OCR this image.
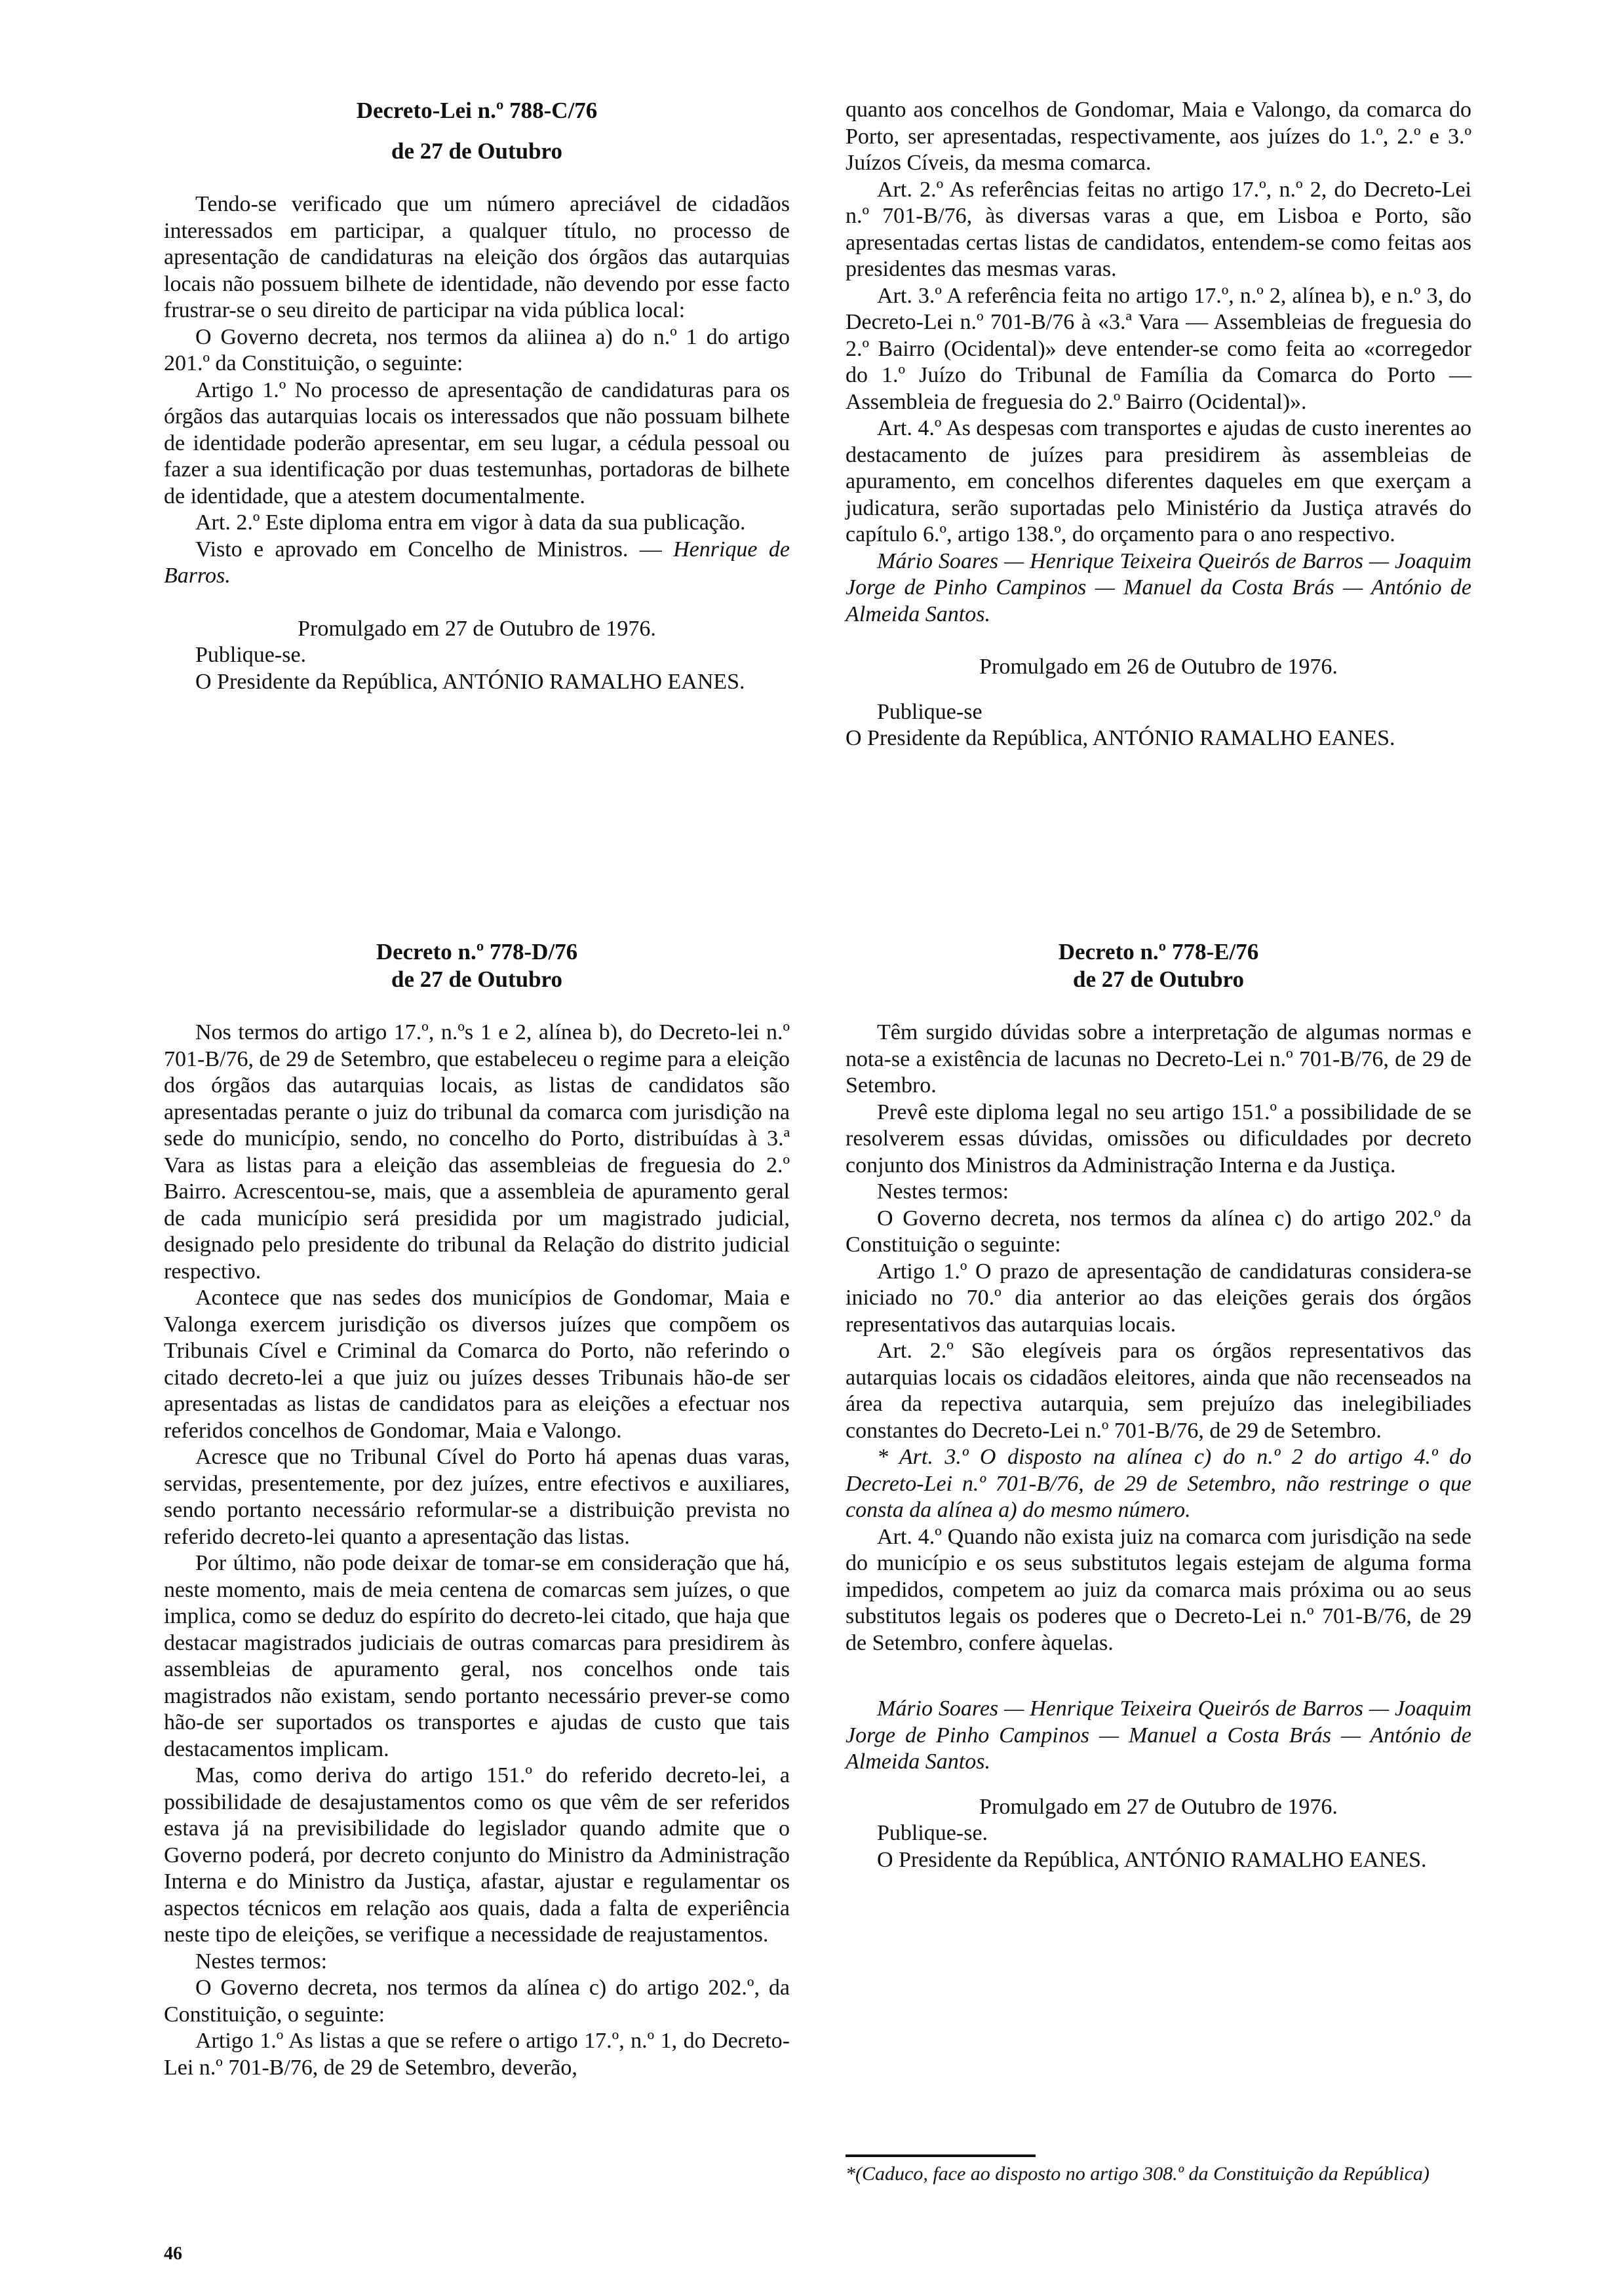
Decreto-Lei n.º 788-C/76
de 27 de Outubro

Tendo-se verificado que um número apreciável de cidadãos interessados em participar, a qualquer título, no processo de apresentação de candidaturas na eleição dos órgãos das autarquias locais não possuem bilhete de identidade, não devendo por esse facto frustrar-se o seu direito de participar na vida pública local:

O Governo decreta, nos termos da aliinea a) do n.º 1 do artigo 201.º da Constituição, o seguinte:

Artigo 1.º No processo de apresentação de candidaturas para os órgãos das autarquias locais os interessados que não possuam bilhete de identidade poderão apresentar, em seu lugar, a cédula pessoal ou fazer a sua identificação por duas testemunhas, portadoras de bilhete de identidade, que a atestem documentalmente.

Art. 2.º Este diploma entra em vigor à data da sua publicação.

Visto e aprovado em Concelho de Ministros. — Henrique de Barros.

Promulgado em 27 de Outubro de 1976.

Publique-se.

O Presidente da República, ANTÓNIO RAMALHO EANES.

quanto aos concelhos de Gondomar, Maia e Valongo, da comarca do Porto, ser apresentadas, respectivamente, aos juízes do 1.º, 2.º e 3.º Juízos Cíveis, da mesma comarca.

Art. 2.º As referências feitas no artigo 17.º, n.º 2, do Decreto-Lei n.º 701-B/76, às diversas varas a que, em Lisboa e Porto, são apresentadas certas listas de candidatos, entendem-se como feitas aos presidentes das mesmas varas.

Art. 3.º A referência feita no artigo 17.º, n.º 2, alínea b), e n.º 3, do Decreto-Lei n.º 701-B/76 à «3.ª Vara — Assembleias de freguesia do 2.º Bairro (Ocidental)» deve entender-se como feita ao «corregedor do 1.º Juízo do Tribunal de Família da Comarca do Porto — Assembleia de freguesia do 2.º Bairro (Ocidental)».

Art. 4.º As despesas com transportes e ajudas de custo inerentes ao destacamento de juízes para presidirem às assembleias de apuramento, em concelhos diferentes daqueles em que exerçam a judicatura, serão suportadas pelo Ministério da Justiça através do capítulo 6.º, artigo 138.º, do orçamento para o ano respectivo.

Mário Soares — Henrique Teixeira Queirós de Barros — Joaquim Jorge de Pinho Campinos — Manuel da Costa Brás — António de Almeida Santos.

Promulgado em 26 de Outubro de 1976.

Publique-se

O Presidente da República, ANTÓNIO RAMALHO EANES.

Decreto n.º 778-D/76
de 27 de Outubro

Nos termos do artigo 17.º, n.ºs 1 e 2, alínea b), do Decreto-lei n.º 701-B/76, de 29 de Setembro, que estabeleceu o regime para a eleição dos órgãos das autarquias locais, as listas de candidatos são apresentadas perante o juiz do tribunal da comarca com jurisdição na sede do município, sendo, no concelho do Porto, distribuídas à 3.ª Vara as listas para a eleição das assembleias de freguesia do 2.º Bairro. Acrescentou-se, mais, que a assembleia de apuramento geral de cada município será presidida por um magistrado judicial, designado pelo presidente do tribunal da Relação do distrito judicial respectivo.

Acontece que nas sedes dos municípios de Gondomar, Maia e Valonga exercem jurisdição os diversos juízes que compõem os Tribunais Cível e Criminal da Comarca do Porto, não referindo o citado decreto-lei a que juiz ou juízes desses Tribunais hão-de ser apresentadas as listas de candidatos para as eleições a efectuar nos referidos concelhos de Gondomar, Maia e Valongo.

Acresce que no Tribunal Cível do Porto há apenas duas varas, servidas, presentemente, por dez juízes, entre efectivos e auxiliares, sendo portanto necessário reformular-se a distribuição prevista no referido decreto-lei quanto a apresentação das listas.

Por último, não pode deixar de tomar-se em consideração que há, neste momento, mais de meia centena de comarcas sem juízes, o que implica, como se deduz do espírito do decreto-lei citado, que haja que destacar magistrados judiciais de outras comarcas para presidirem às assembleias de apuramento geral, nos concelhos onde tais magistrados não existam, sendo portanto necessário prever-se como hão-de ser suportados os transportes e ajudas de custo que tais destacamentos implicam.

Mas, como deriva do artigo 151.º do referido decreto-lei, a possibilidade de desajustamentos como os que vêm de ser referidos estava já na previsibilidade do legislador quando admite que o Governo poderá, por decreto conjunto do Ministro da Administração Interna e do Ministro da Justiça, afastar, ajustar e regulamentar os aspectos técnicos em relação aos quais, dada a falta de experiência neste tipo de eleições, se verifique a necessidade de reajustamentos.

Nestes termos:

O Governo decreta, nos termos da alínea c) do artigo 202.º, da Constituição, o seguinte:

Artigo 1.º As listas a que se refere o artigo 17.º, n.º 1, do Decreto-Lei n.º 701-B/76, de 29 de Setembro, deverão,

Decreto n.º 778-E/76
de 27 de Outubro

Têm surgido dúvidas sobre a interpretação de algumas normas e nota-se a existência de lacunas no Decreto-Lei n.º 701-B/76, de 29 de Setembro.

Prevê este diploma legal no seu artigo 151.º a possibilidade de se resolverem essas dúvidas, omissões ou dificuldades por decreto conjunto dos Ministros da Administração Interna e da Justiça.

Nestes termos:

O Governo decreta, nos termos da alínea c) do artigo 202.º da Constituição o seguinte:

Artigo 1.º O prazo de apresentação de candidaturas considera-se iniciado no 70.º dia anterior ao das eleições gerais dos órgãos representativos das autarquias locais.

Art. 2.º São elegíveis para os órgãos representativos das autarquias locais os cidadãos eleitores, ainda que não recenseados na área da repectiva autarquia, sem prejuízo das inelegibiliades constantes do Decreto-Lei n.º 701-B/76, de 29 de Setembro.

* Art. 3.º O disposto na alínea c) do n.º 2 do artigo 4.º do Decreto-Lei n.º 701-B/76, de 29 de Setembro, não restringe o que consta da alínea a) do mesmo número.

Art. 4.º Quando não exista juiz na comarca com jurisdição na sede do município e os seus substitutos legais estejam de alguma forma impedidos, competem ao juiz da comarca mais próxima ou ao seus substitutos legais os poderes que o Decreto-Lei n.º 701-B/76, de 29 de Setembro, confere àquelas.

Mário Soares — Henrique Teixeira Queirós de Barros — Joaquim Jorge de Pinho Campinos — Manuel a Costa Brás — António de Almeida Santos.

Promulgado em 27 de Outubro de 1976.

Publique-se.

O Presidente da República, ANTÓNIO RAMALHO EANES.

*(Caduco, face ao disposto no artigo 308.º da Constituição da República)

46
